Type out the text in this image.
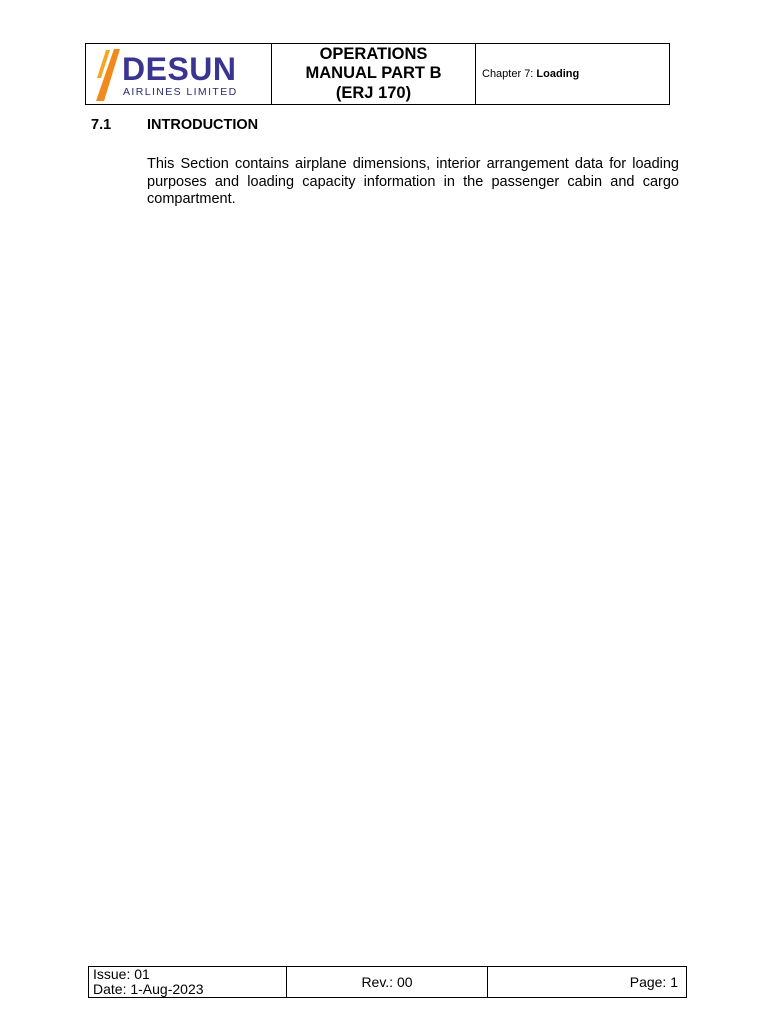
DESUN
AIRLINES LIMITED
OPERATIONS
MANUAL PART B
(ERJ 170)
Chapter 7: Loading
7.1 INTRODUCTION

This Section contains airplane dimensions, interior arrangement data for loading purposes and loading capacity information in the passenger cabin and cargo compartment.

Issue: 01
Date: 1-Aug-2023	Rev.: 00	Page: 1
